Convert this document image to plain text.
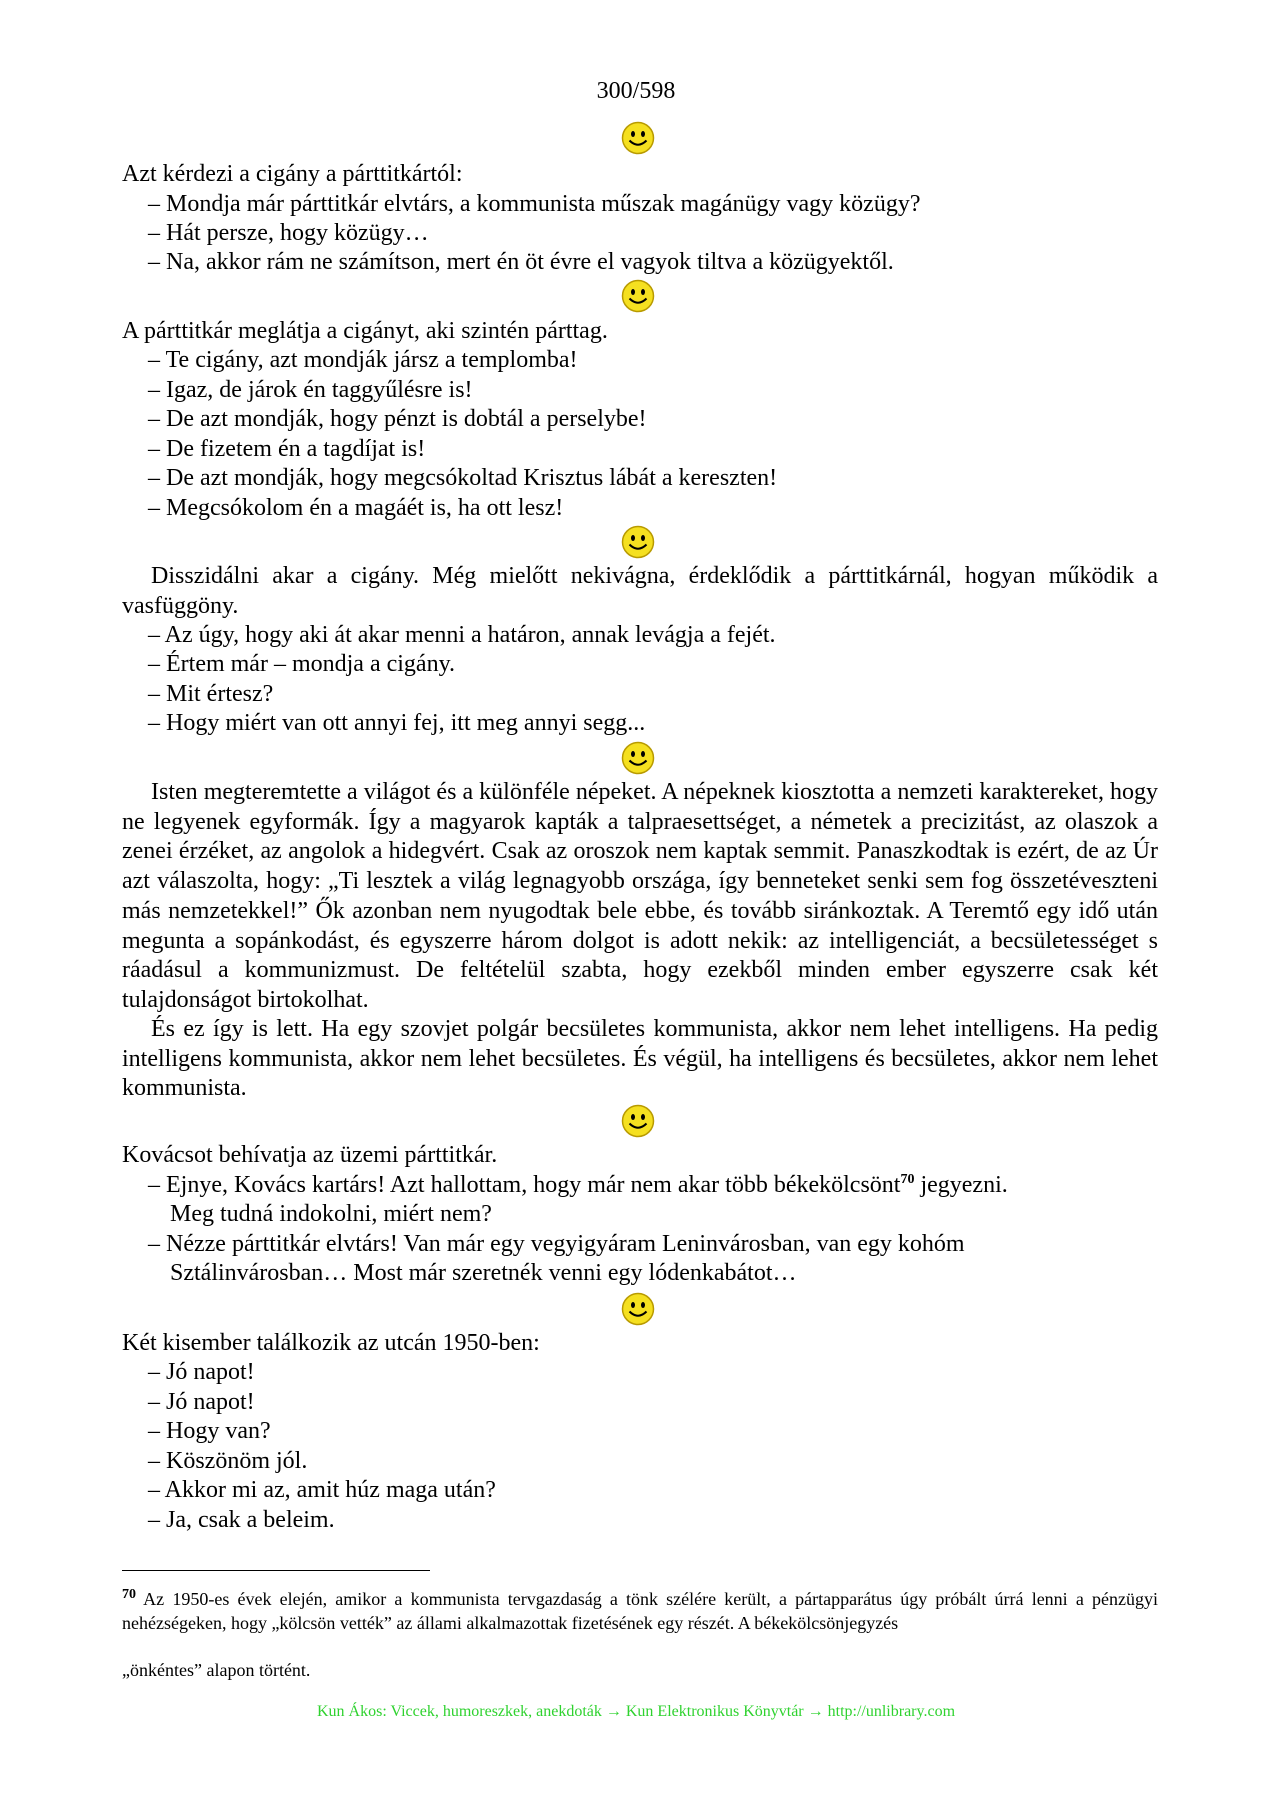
300/598
Azt kérdezi a cigány a párttitkártól:
– Mondja már párttitkár elvtárs, a kommunista műszak magánügy vagy közügy?
– Hát persze, hogy közügy…
– Na, akkor rám ne számítson, mert én öt évre el vagyok tiltva a közügyektől.
A párttitkár meglátja a cigányt, aki szintén párttag.
– Te cigány, azt mondják jársz a templomba!
– Igaz, de járok én taggyűlésre is!
– De azt mondják, hogy pénzt is dobtál a perselybe!
– De fizetem én a tagdíjat is!
– De azt mondják, hogy megcsókoltad Krisztus lábát a kereszten!
– Megcsókolom én a magáét is, ha ott lesz!
Disszidálni akar a cigány. Még mielőtt nekivágna, érdeklődik a párttitkárnál, hogyan működik a vasfüggöny.
– Az úgy, hogy aki át akar menni a határon, annak levágja a fejét.
– Értem már – mondja a cigány.
– Mit értesz?
– Hogy miért van ott annyi fej, itt meg annyi segg...
Isten megteremtette a világot és a különféle népeket. A népeknek kiosztotta a nemzeti karaktereket, hogy ne legyenek egyformák. Így a magyarok kapták a talpraesettséget, a németek a precizitást, az olaszok a zenei érzéket, az angolok a hidegvért. Csak az oroszok nem kaptak semmit. Panaszkodtak is ezért, de az Úr azt válaszolta, hogy: „Ti lesztek a világ legnagyobb országa, így benneteket senki sem fog összetéveszteni más nemzetekkel!” Ők azonban nem nyugodtak bele ebbe, és tovább siránkoztak. A Teremtő egy idő után megunta a sopánkodást, és egyszerre három dolgot is adott nekik: az intelligenciát, a becsületességet s ráadásul a kommunizmust. De feltételül szabta, hogy ezekből minden ember egyszerre csak két tulajdonságot birtokolhat.
És ez így is lett. Ha egy szovjet polgár becsületes kommunista, akkor nem lehet intelligens. Ha pedig intelligens kommunista, akkor nem lehet becsületes. És végül, ha intelligens és becsületes, akkor nem lehet kommunista.
Kovácsot behívatja az üzemi párttitkár.
– Ejnye, Kovács kartárs! Azt hallottam, hogy már nem akar több békekölcsönt$^{70}$ jegyezni.
Meg tudná indokolni, miért nem?
– Nézze párttitkár elvtárs! Van már egy vegyigyáram Leninvárosban, van egy kohóm
Sztálinvárosban… Most már szeretnék venni egy lódenkabátot…
Két kisember találkozik az utcán 1950-ben:
– Jó napot!
– Jó napot!
– Hogy van?
– Köszönöm jól.
– Akkor mi az, amit húz maga után?
– Ja, csak a beleim.
$^{70}$ Az 1950-es évek elején, amikor a kommunista tervgazdaság a tönk szélére került, a pártapparátus úgy próbált úrrá lenni a pénzügyi nehézségeken, hogy „kölcsön vették” az állami alkalmazottak fizetésének egy részét. A békekölcsönjegyzés
„önkéntes” alapon történt.
Kun Ákos: Viccek, humoreszkek, anekdoták → Kun Elektronikus Könyvtár → http://unlibrary.com
